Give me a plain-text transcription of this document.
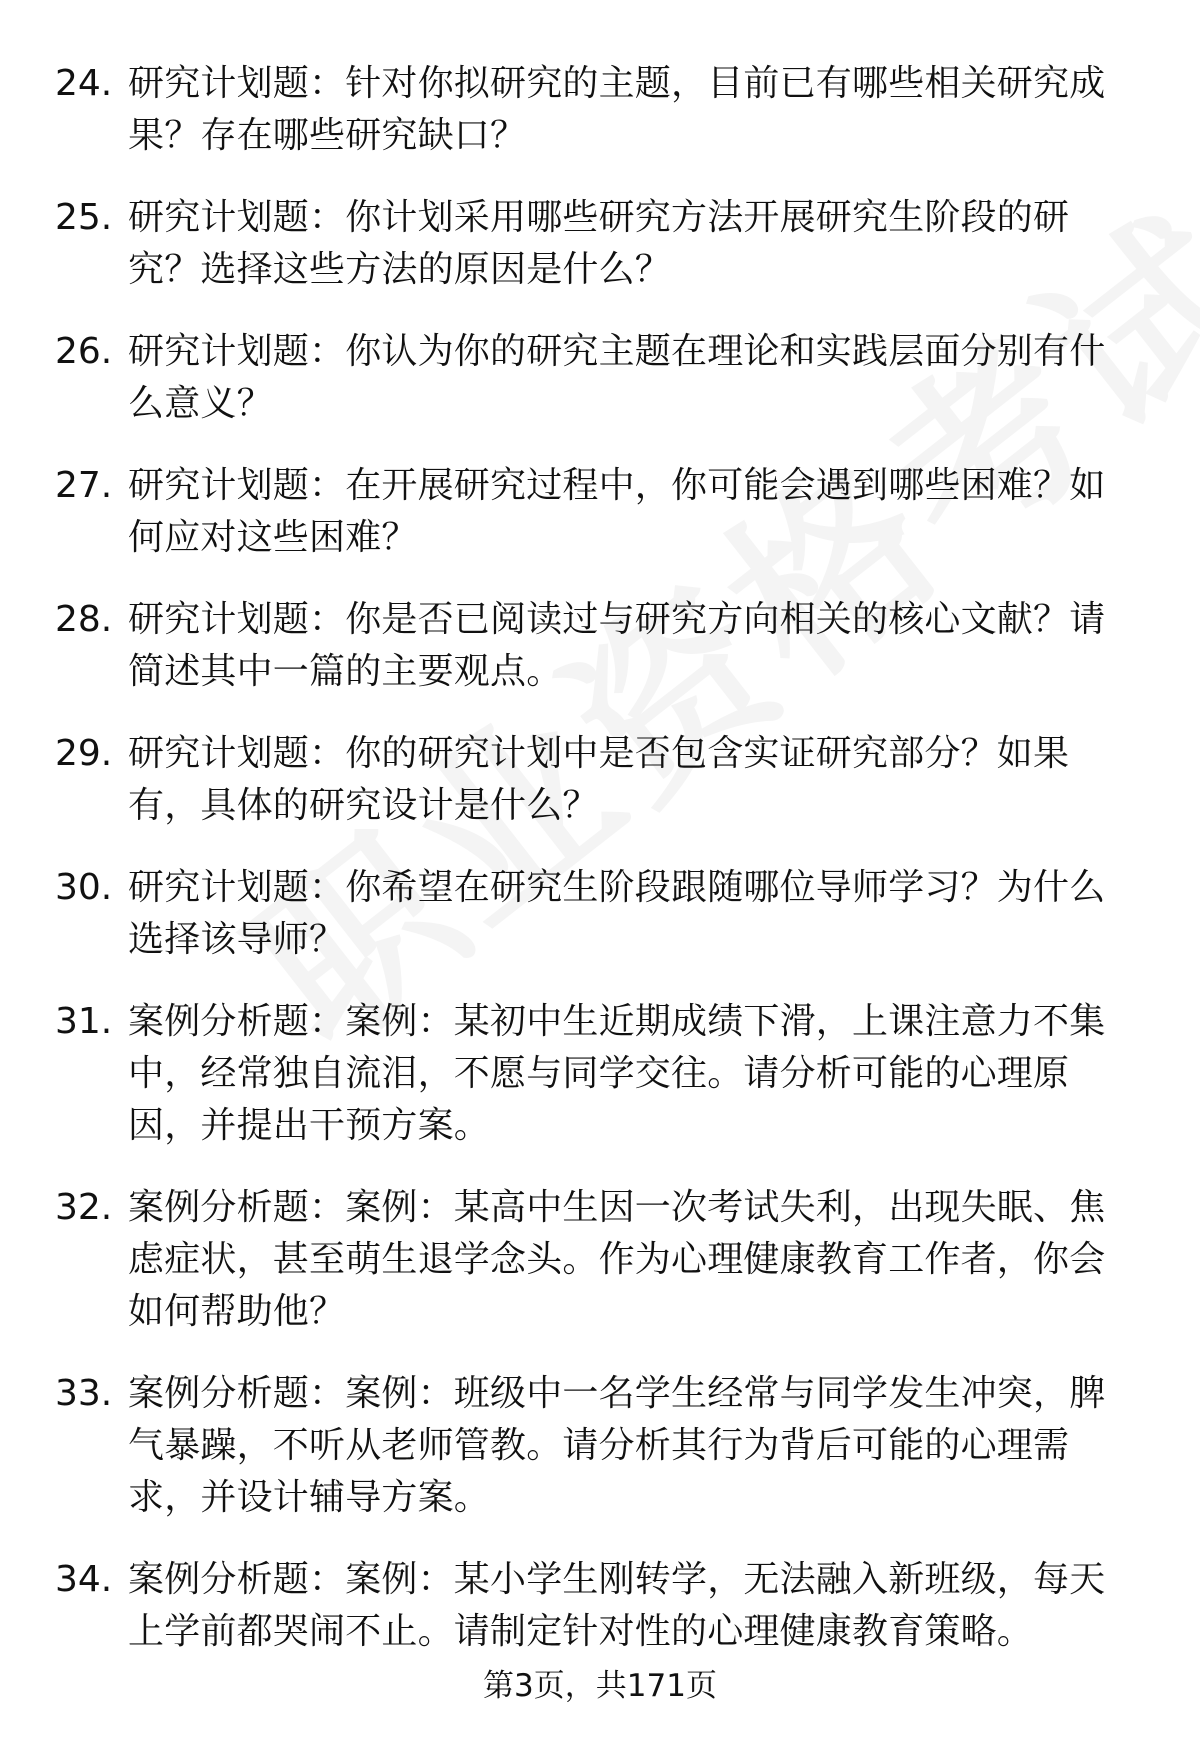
24. 研究计划题：针对你拟研究的主题，目前已有哪些相关研究成果？存在哪些研究缺口？
25. 研究计划题：你计划采用哪些研究方法开展研究生阶段的研究？选择这些方法的原因是什么？
26. 研究计划题：你认为你的研究主题在理论和实践层面分别有什么意义？
27. 研究计划题：在开展研究过程中，你可能会遇到哪些困难？如何应对这些困难？
28. 研究计划题：你是否已阅读过与研究方向相关的核心文献？请简述其中一篇的主要观点。
29. 研究计划题：你的研究计划中是否包含实证研究部分？如果有，具体的研究设计是什么？
30. 研究计划题：你希望在研究生阶段跟随哪位导师学习？为什么选择该导师？
31. 案例分析题：案例：某初中生近期成绩下滑，上课注意力不集中，经常独自流泪，不愿与同学交往。请分析可能的心理原因，并提出干预方案。
32. 案例分析题：案例：某高中生因一次考试失利，出现失眠、焦虑症状，甚至萌生退学念头。作为心理健康教育工作者，你会如何帮助他？
33. 案例分析题：案例：班级中一名学生经常与同学发生冲突，脾气暴躁，不听从老师管教。请分析其行为背后可能的心理需求，并设计辅导方案。
34. 案例分析题：案例：某小学生刚转学，无法融入新班级，每天上学前都哭闹不止。请制定针对性的心理健康教育策略。
第3页，共171页
